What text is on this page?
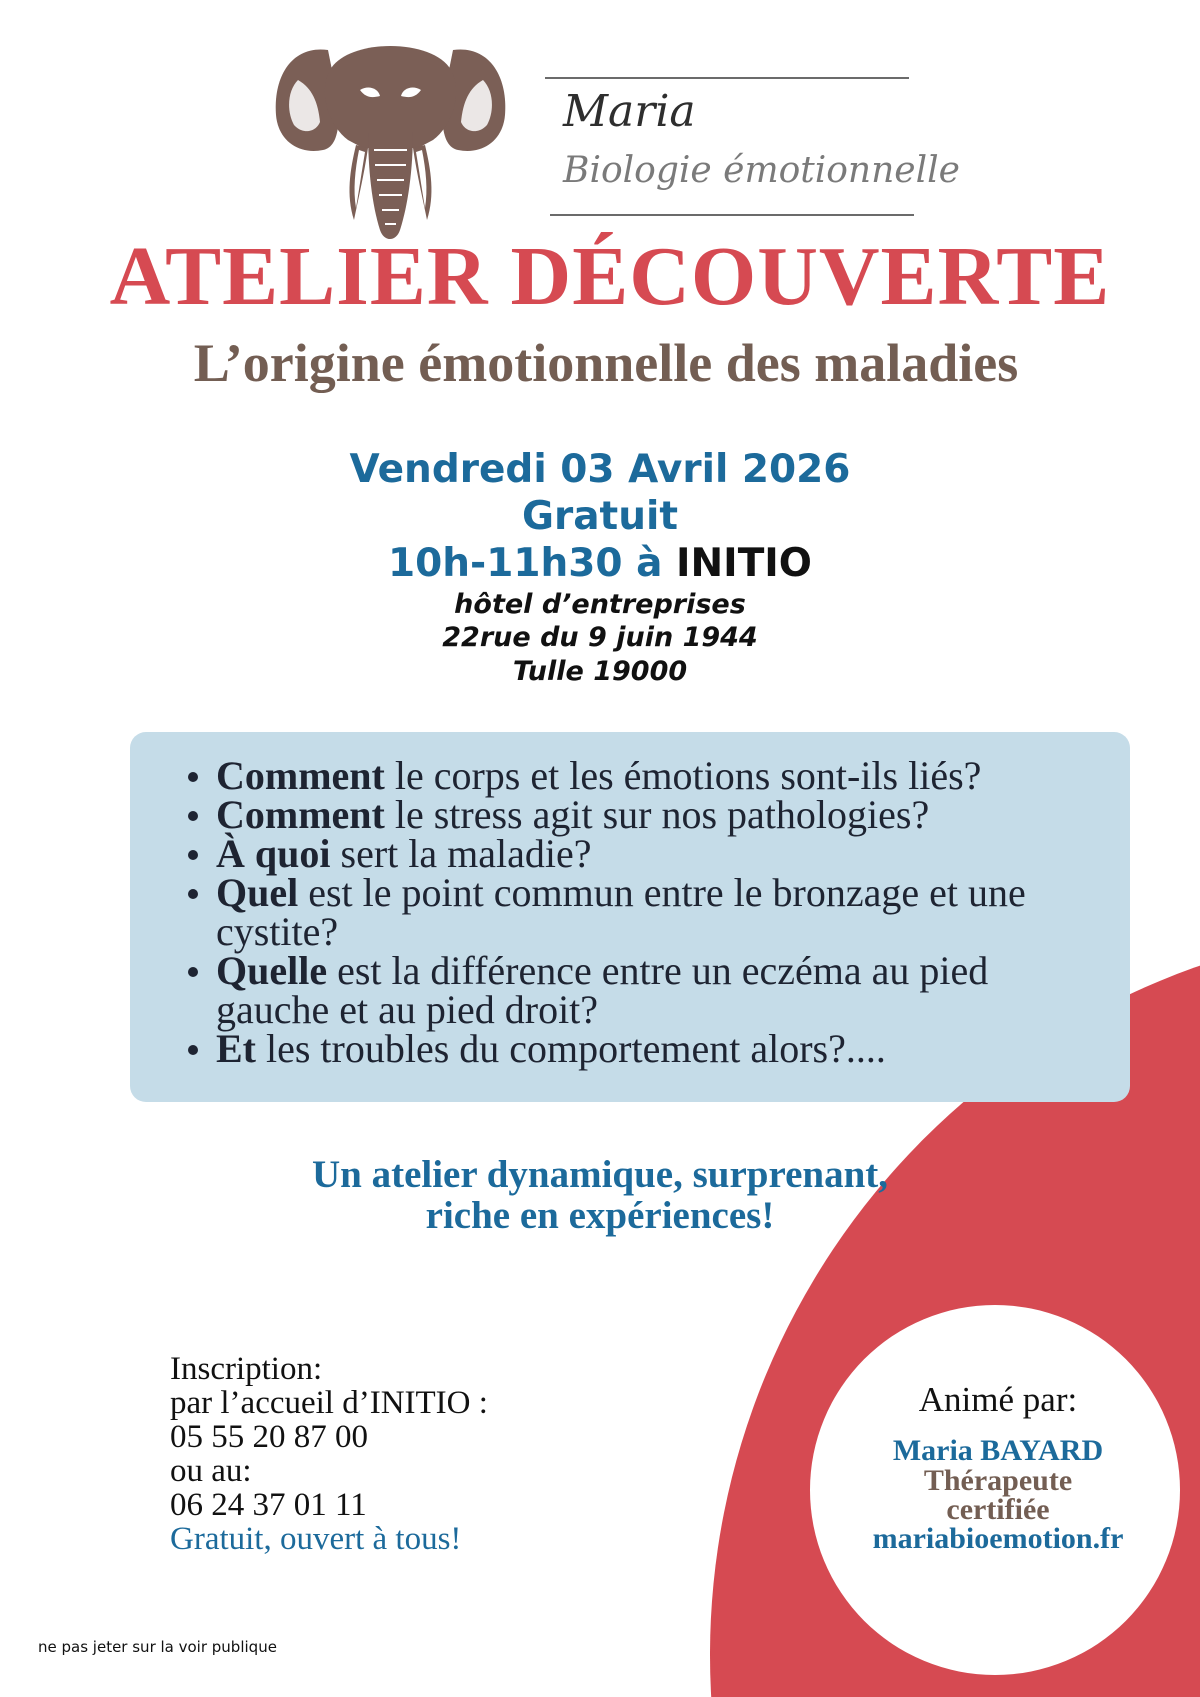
Maria

Biologie émotionnelle

ATELIER DÉCOUVERTE
L’origine émotionnelle des maladies

Vendredi 03 Avril 2026

Gratuit

10h-11h30 à INITIO

hôtel d’entreprises

22rue du 9 juin 1944

Tulle 19000

Comment le corps et les émotions sont-ils liés?
Comment le stress agit sur nos pathologies?
À quoi sert la maladie?
Quel est le point commun entre le bronzage et une cystite?
Quelle est la différence entre un eczéma au pied gauche et au pied droit?
Et les troubles du comportement alors?....

Un atelier dynamique, surprenant,

riche en expériences!

Inscription:
par l’accueil d’INITIO :
05 55 20 87 00
ou au:
06 24 37 01 11
Gratuit, ouvert à tous!

Animé par:

Maria BAYARD

Thérapeute

certifiée

mariabioemotion.fr

ne pas jeter sur la voir publique
